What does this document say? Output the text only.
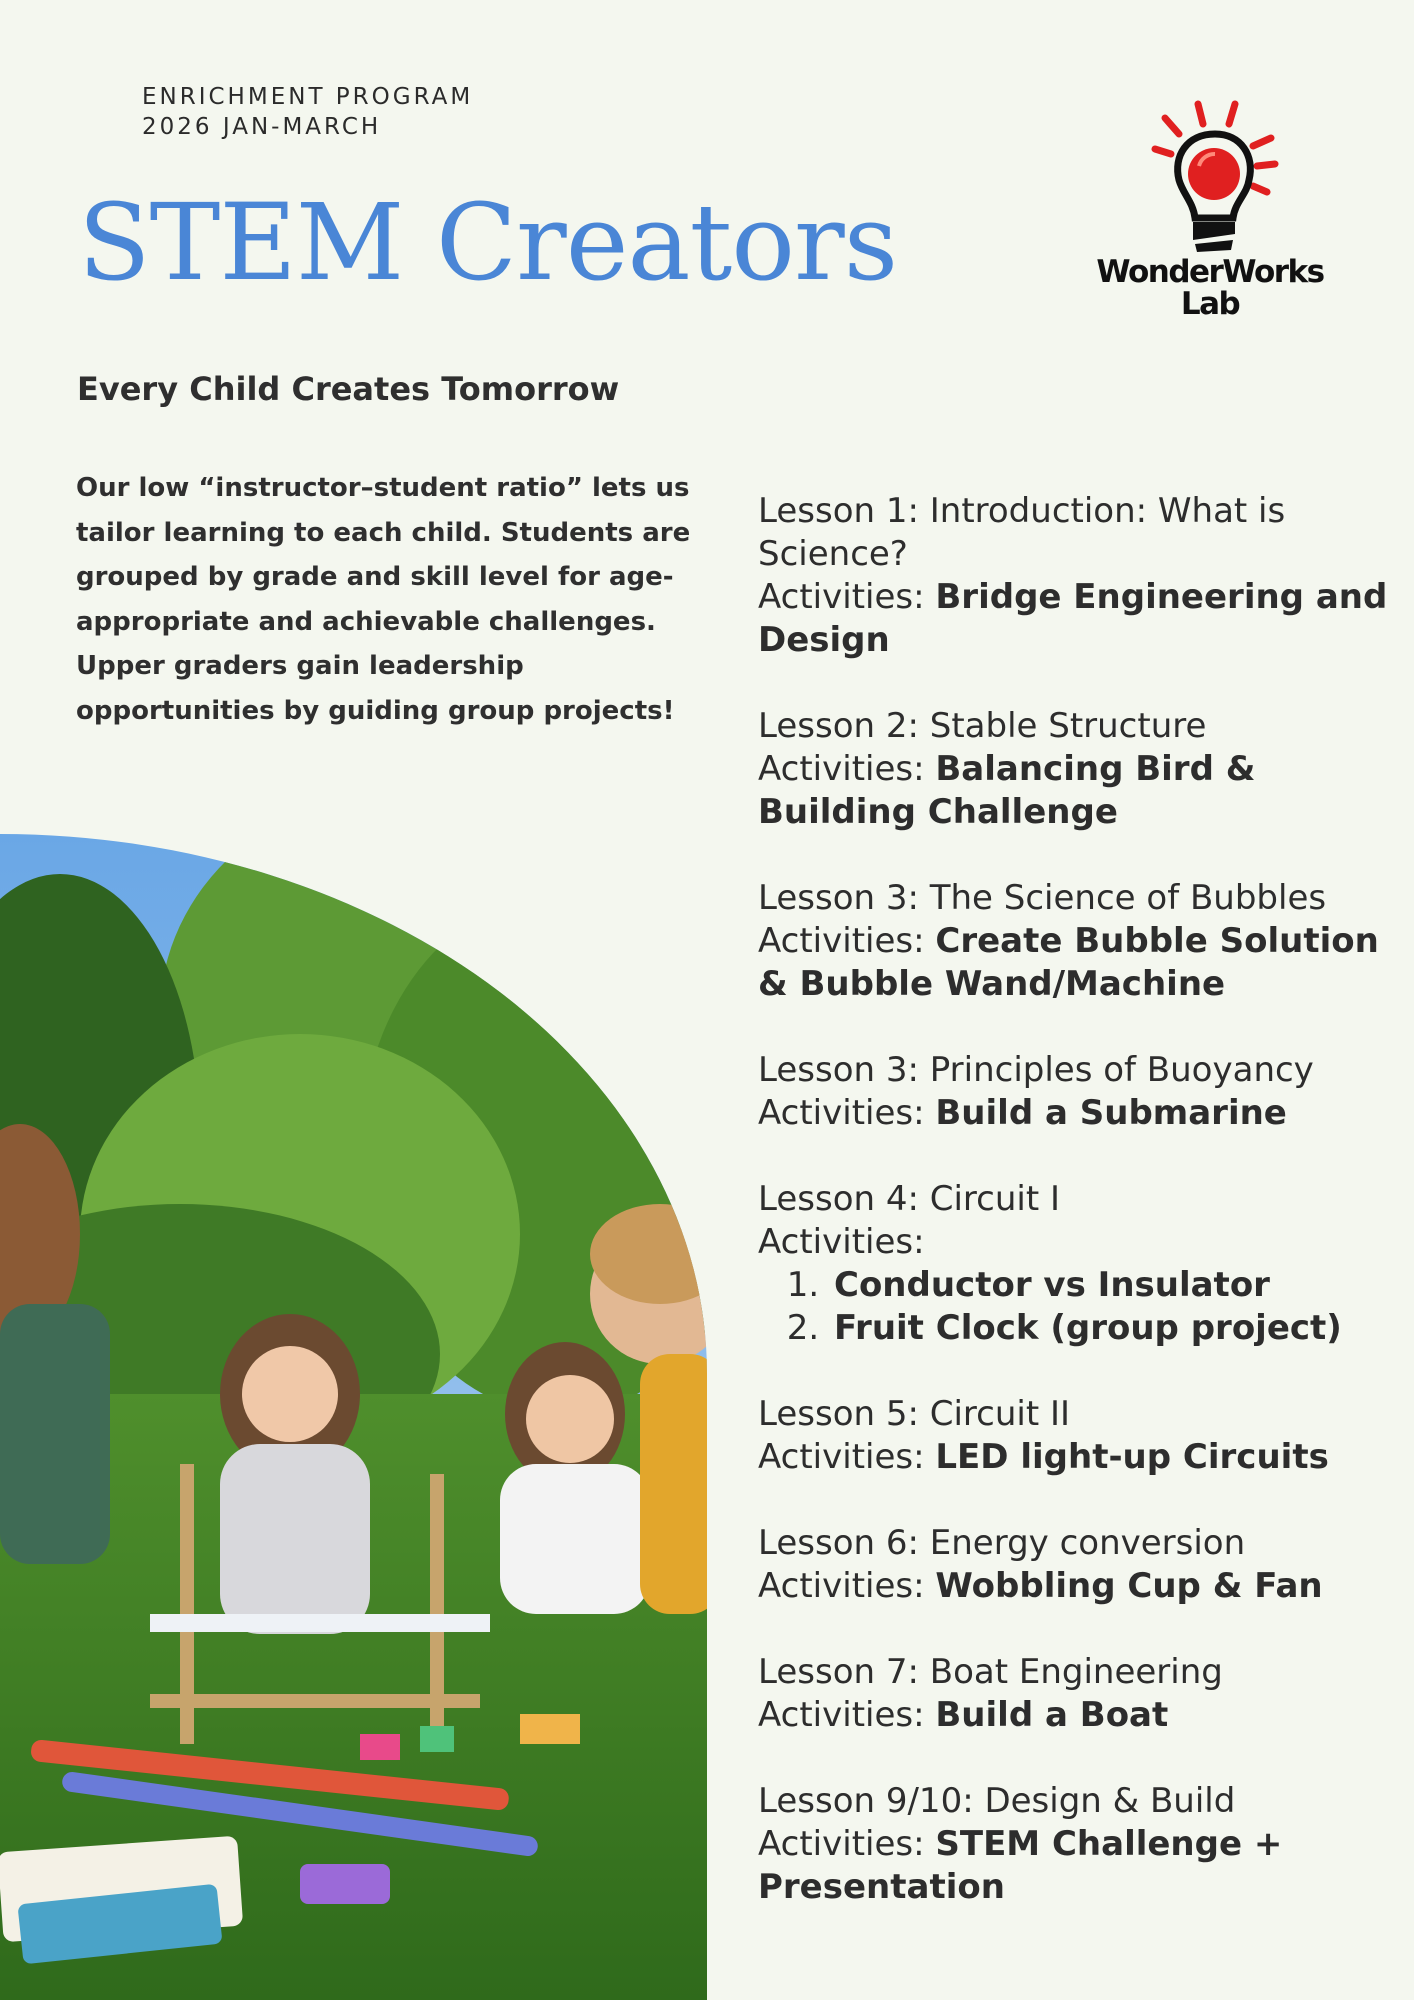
ENRICHMENT PROGRAM
2026 JAN-MARCH
STEM Creators	WonderWorks
Lab
Every Child Creates Tomorrow
Our low “instructor–student ratio” lets us tailor learning to each child. Students are grouped by grade and skill level for age-appropriate and achievable challenges. Upper graders gain leadership opportunities by guiding group projects!
Lesson 1: Introduction: What is Science?
Activities: Bridge Engineering and Design
Lesson 2: Stable Structure
Activities: Balancing Bird & Building Challenge
Lesson 3: The Science of Bubbles
Activities: Create Bubble Solution & Bubble Wand/Machine
Lesson 3: Principles of Buoyancy
Activities: Build a Submarine
Lesson 4: Circuit I
Activities:
1. Conductor vs Insulator
2. Fruit Clock (group project)
Lesson 5: Circuit II
Activities: LED light-up Circuits
Lesson 6: Energy conversion
Activities: Wobbling Cup & Fan
Lesson 7: Boat Engineering
Activities: Build a Boat
Lesson 9/10: Design & Build
Activities: STEM Challenge + Presentation
